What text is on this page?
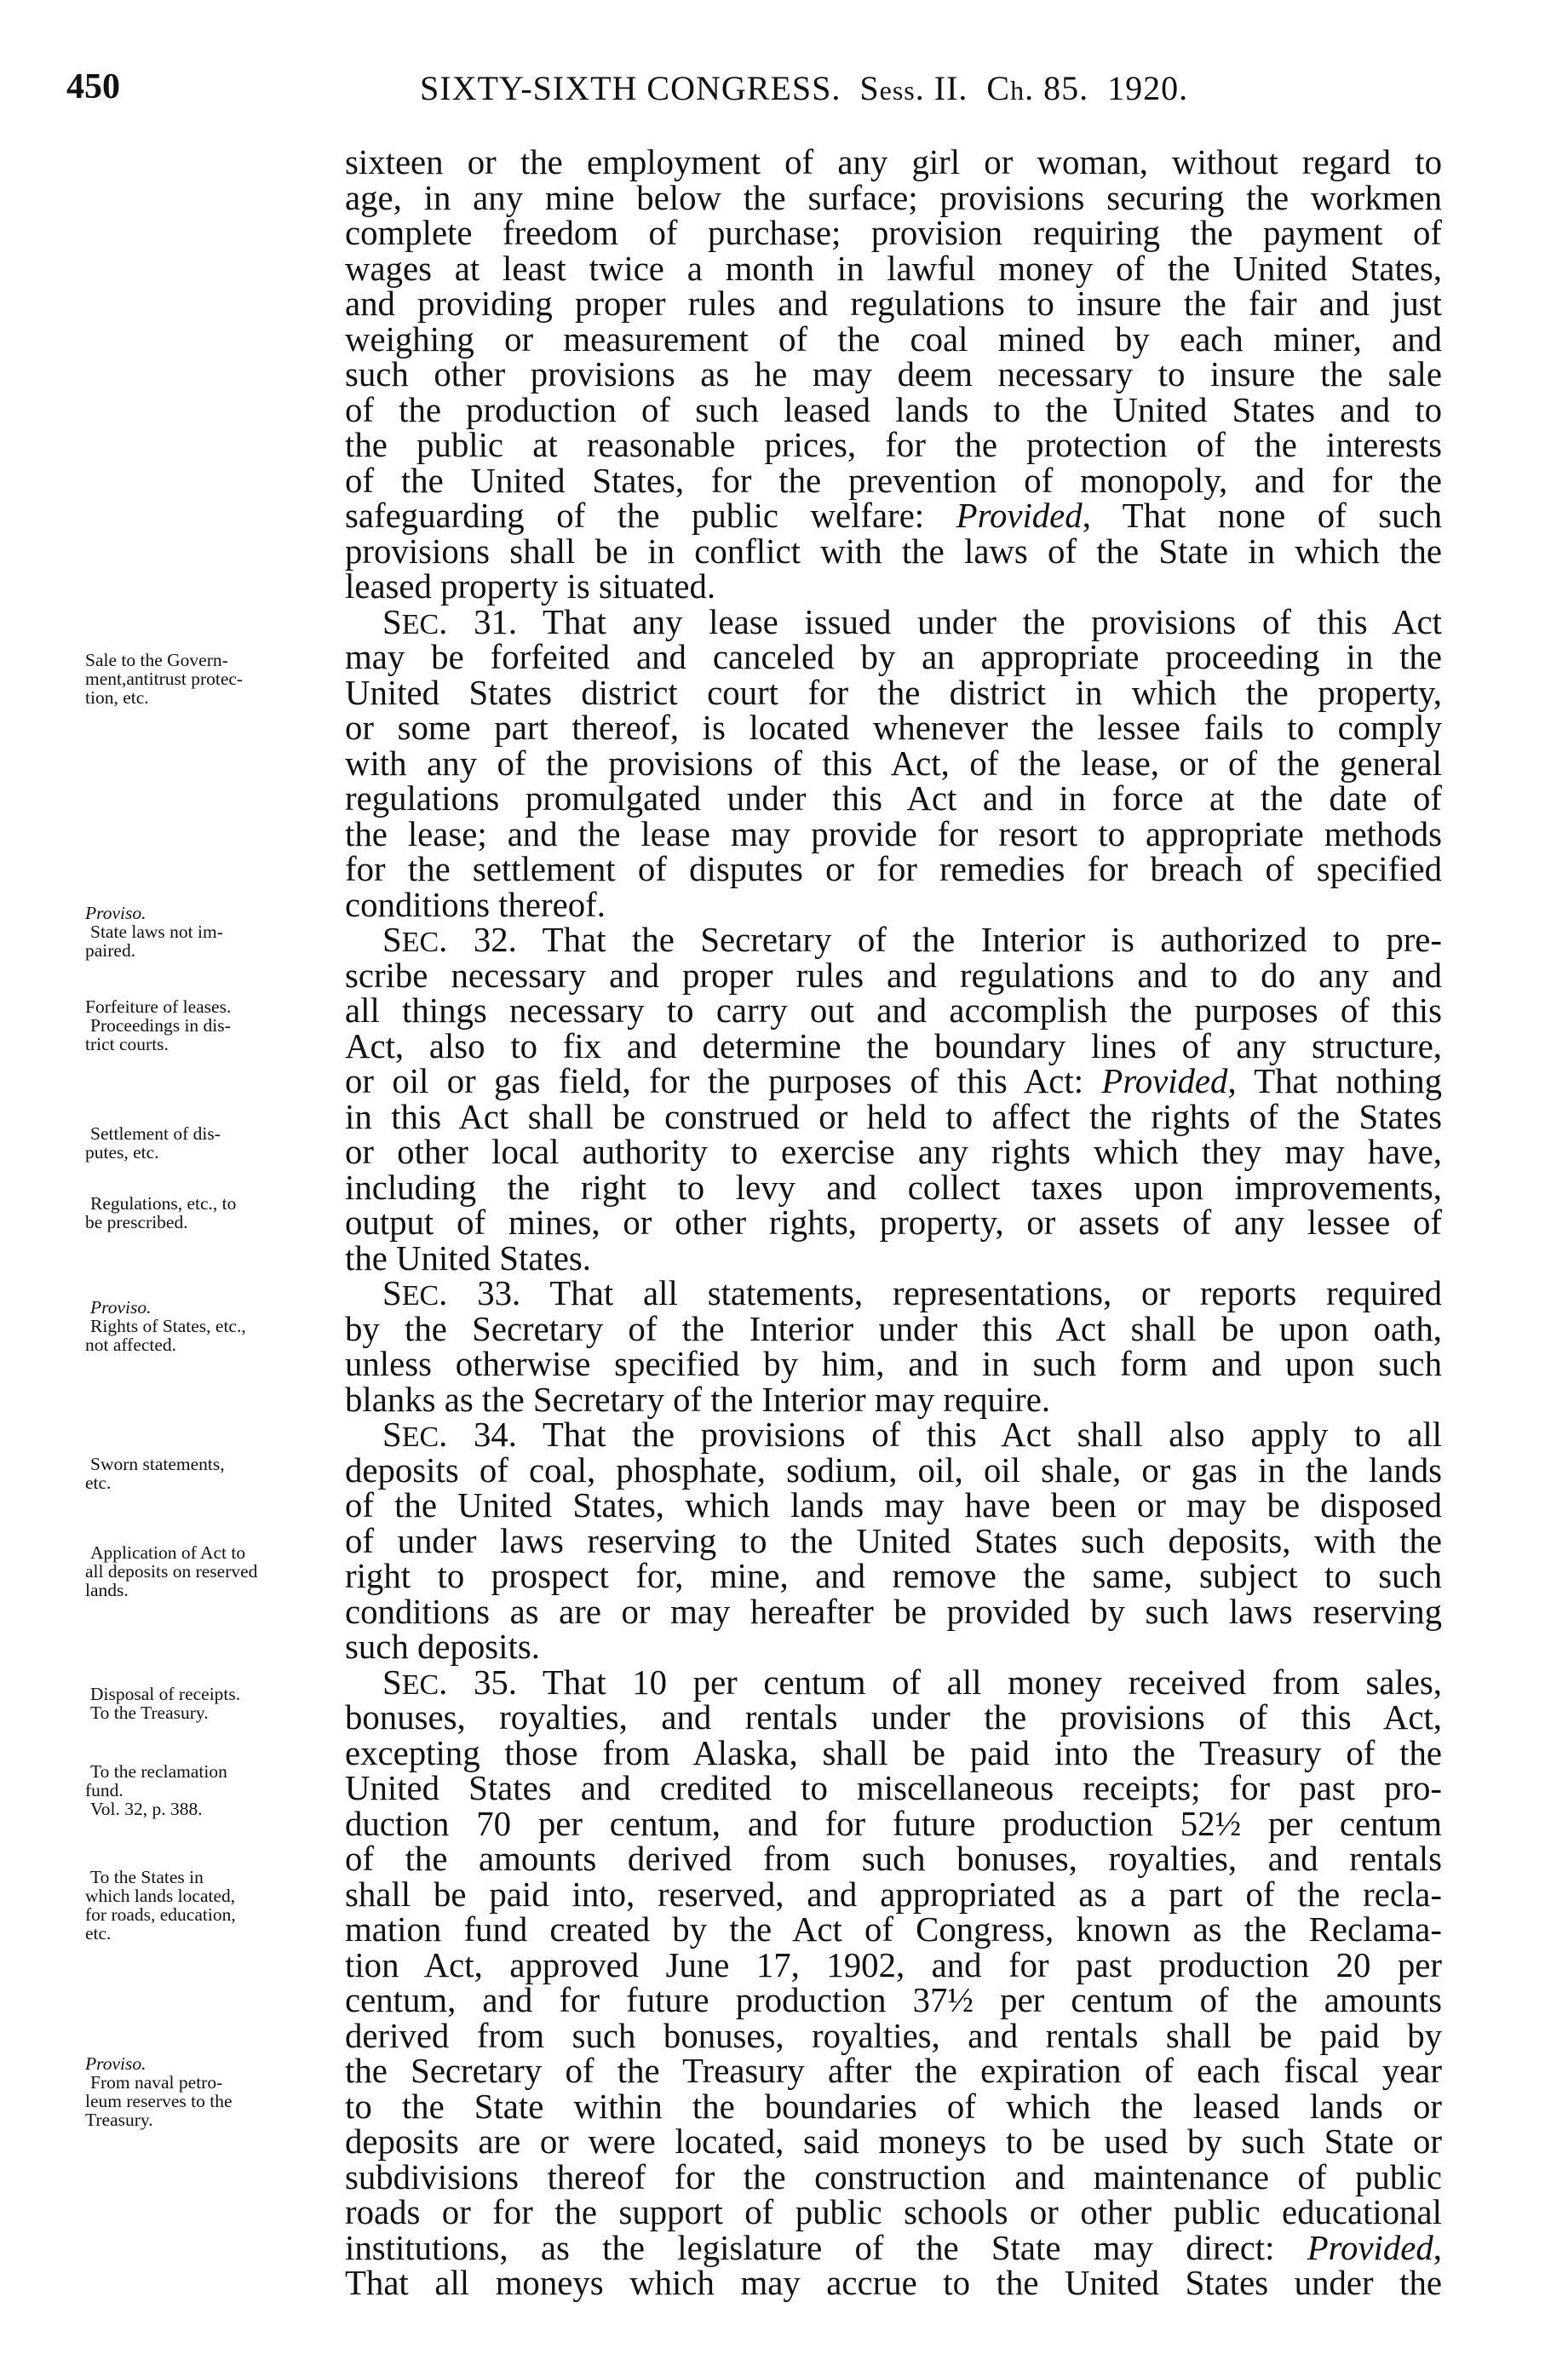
450	SIXTY-SIXTH CONGRESS. Sess. II. Ch. 85. 1920.
sixteen or the employment of any girl or woman, without regard to
age, in any mine below the surface; provisions securing the workmen
complete freedom of purchase; provision requiring the payment of
wages at least twice a month in lawful money of the United States,
and providing proper rules and regulations to insure the fair and just
weighing or measurement of the coal mined by each miner, and
such other provisions as he may deem necessary to insure the sale
of the production of such leased lands to the United States and to
the public at reasonable prices, for the protection of the interests
of the United States, for the prevention of monopoly, and for the
safeguarding of the public welfare: Provided, That none of such
provisions shall be in conflict with the laws of the State in which the
leased property is situated.
SEC. 31. That any lease issued under the provisions of this Act
may be forfeited and canceled by an appropriate proceeding in the
United States district court for the district in which the property,
or some part thereof, is located whenever the lessee fails to comply
with any of the provisions of this Act, of the lease, or of the general
regulations promulgated under this Act and in force at the date of
the lease; and the lease may provide for resort to appropriate methods
for the settlement of disputes or for remedies for breach of specified
conditions thereof.
SEC. 32. That the Secretary of the Interior is authorized to pre-
scribe necessary and proper rules and regulations and to do any and
all things necessary to carry out and accomplish the purposes of this
Act, also to fix and determine the boundary lines of any structure,
or oil or gas field, for the purposes of this Act: Provided, That nothing
in this Act shall be construed or held to affect the rights of the States
or other local authority to exercise any rights which they may have,
including the right to levy and collect taxes upon improvements,
output of mines, or other rights, property, or assets of any lessee of
the United States.
SEC. 33. That all statements, representations, or reports required
by the Secretary of the Interior under this Act shall be upon oath,
unless otherwise specified by him, and in such form and upon such
blanks as the Secretary of the Interior may require.
SEC. 34. That the provisions of this Act shall also apply to all
deposits of coal, phosphate, sodium, oil, oil shale, or gas in the lands
of the United States, which lands may have been or may be disposed
of under laws reserving to the United States such deposits, with the
right to prospect for, mine, and remove the same, subject to such
conditions as are or may hereafter be provided by such laws reserving
such deposits.
SEC. 35. That 10 per centum of all money received from sales,
bonuses, royalties, and rentals under the provisions of this Act,
excepting those from Alaska, shall be paid into the Treasury of the
United States and credited to miscellaneous receipts; for past pro-
duction 70 per centum, and for future production 52½ per centum
of the amounts derived from such bonuses, royalties, and rentals
shall be paid into, reserved, and appropriated as a part of the recla-
mation fund created by the Act of Congress, known as the Reclama-
tion Act, approved June 17, 1902, and for past production 20 per
centum, and for future production 37½ per centum of the amounts
derived from such bonuses, royalties, and rentals shall be paid by
the Secretary of the Treasury after the expiration of each fiscal year
to the State within the boundaries of which the leased lands or
deposits are or were located, said moneys to be used by such State or
subdivisions thereof for the construction and maintenance of public
roads or for the support of public schools or other public educational
institutions, as the legislature of the State may direct: Provided,
That all moneys which may accrue to the United States under the
Sale to the Govern-
ment,antitrust protec-
tion, etc.
Proviso.
State laws not im-
paired.
Forfeiture of leases.
Proceedings in dis-
trict courts.
Settlement of dis-
putes, etc.
Regulations, etc., to
be prescribed.
Proviso.
Rights of States, etc.,
not affected.
Sworn statements,
etc.
Application of Act to
all deposits on reserved
lands.
Disposal of receipts.
To the Treasury.
To the reclamation
fund.
Vol. 32, p. 388.
To the States in
which lands located,
for roads, education,
etc.
Proviso.
From naval petro-
leum reserves to the
Treasury.
